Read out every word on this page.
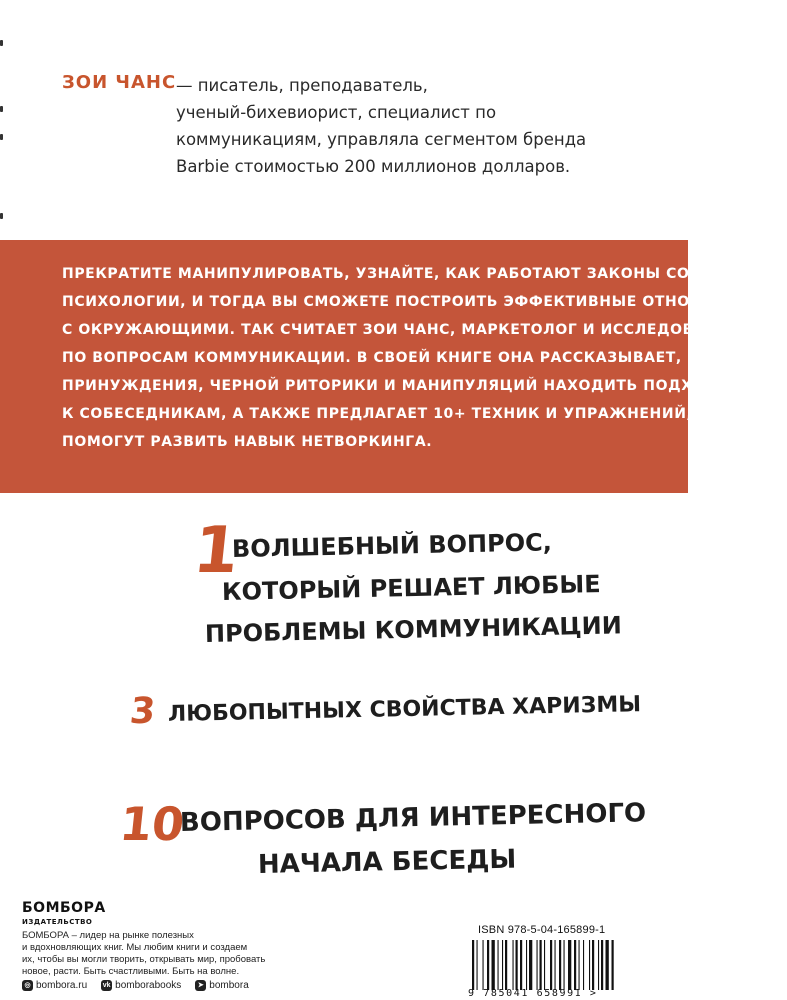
ЗОИ ЧАНС — писатель, преподаватель,
ученый-бихевиорист, специалист по
коммуникациям, управляла сегментом бренда
Barbie стоимостью 200 миллионов долларов.
ПРЕКРАТИТЕ МАНИПУЛИРОВАТЬ, УЗНАЙТЕ, КАК РАБОТАЮТ ЗАКОНЫ СОЦИАЛЬНОЙ
ПСИХОЛОГИИ, И ТОГДА ВЫ СМОЖЕТЕ ПОСТРОИТЬ ЭФФЕКТИВНЫЕ ОТНОШЕНИЯ
С ОКРУЖАЮЩИМИ. ТАК СЧИТАЕТ ЗОИ ЧАНС, МАРКЕТОЛОГ И ИССЛЕДОВАТЕЛЬ
ПО ВОПРОСАМ КОММУНИКАЦИИ. В СВОЕЙ КНИГЕ ОНА РАССКАЗЫВАЕТ, КАК БЕЗ
ПРИНУЖДЕНИЯ, ЧЕРНОЙ РИТОРИКИ И МАНИПУЛЯЦИЙ НАХОДИТЬ ПОДХОД
К СОБЕСЕДНИКАМ, А ТАКЖЕ ПРЕДЛАГАЕТ 10+ ТЕХНИК И УПРАЖНЕНИЙ, КОТОРЫЕ
ПОМОГУТ РАЗВИТЬ НАВЫК НЕТВОРКИНГА.
1
ВОЛШЕБНЫЙ ВОПРОС,
КОТОРЫЙ РЕШАЕТ ЛЮБЫЕ
ПРОБЛЕМЫ КОММУНИКАЦИИ
3 ЛЮБОПЫТНЫХ СВОЙСТВА ХАРИЗМЫ
10
ВОПРОСОВ ДЛЯ ИНТЕРЕСНОГО
НАЧАЛА БЕСЕДЫ
БОМБОРА
ИЗДАТЕЛЬСТВО
БОМБОРА – лидер на рынке полезных
и вдохновляющих книг. Мы любим книги и создаем
их, чтобы вы могли творить, открывать мир, пробовать
новое, расти. Быть счастливыми. Быть на волне.
◎ bombora.ru vk bomborabooks	➤ bombora
ISBN 978-5-04-165899-1
9 785041 658991 >
